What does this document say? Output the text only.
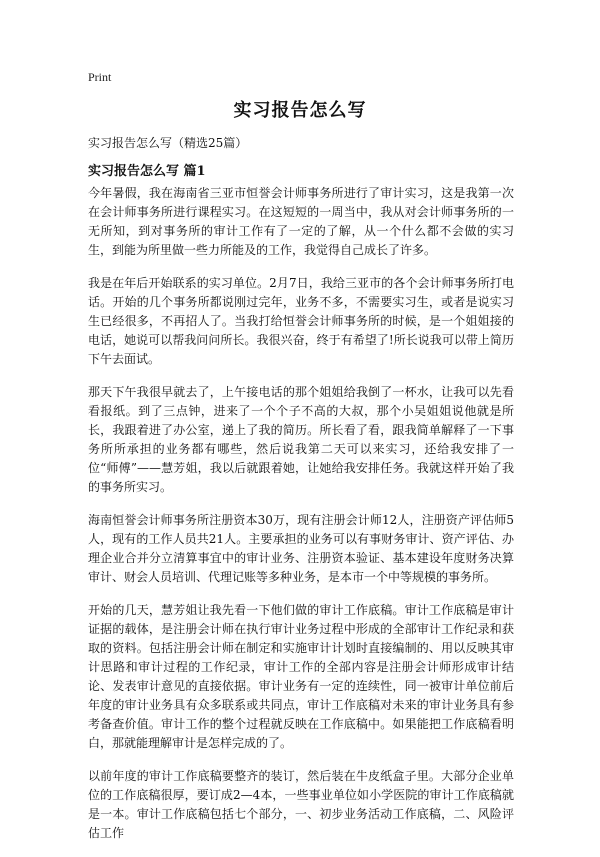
Print
实习报告怎么写

实习报告怎么写（精选25篇）

实习报告怎么写 篇1

今年暑假，我在海南省三亚市恒誉会计师事务所进行了审计实习，这是我第一次在会计师事务所进行课程实习。在这短短的一周当中，我从对会计师事务所的一无所知，到对事务所的审计工作有了一定的了解，从一个什么都不会做的实习生，到能为所里做一些力所能及的工作，我觉得自己成长了许多。

我是在年后开始联系的实习单位。2月7日，我给三亚市的各个会计师事务所打电话。开始的几个事务所都说刚过完年，业务不多，不需要实习生，或者是说实习生已经很多，不再招人了。当我打给恒誉会计师事务所的时候，是一个姐姐接的电话，她说可以帮我问问所长。我很兴奋，终于有希望了!所长说我可以带上简历下午去面试。

那天下午我很早就去了，上午接电话的那个姐姐给我倒了一杯水，让我可以先看看报纸。到了三点钟，进来了一个个子不高的大叔，那个小吴姐姐说他就是所长，我跟着进了办公室，递上了我的简历。所长看了看，跟我简单解释了一下事务所所承担的业务都有哪些，然后说我第二天可以来实习，还给我安排了一位“师傅”——慧芳姐，我以后就跟着她，让她给我安排任务。我就这样开始了我的事务所实习。

海南恒誉会计师事务所注册资本30万，现有注册会计师12人，注册资产评估师5人，现有的工作人员共21人。主要承担的业务可以有事财务审计、资产评估、办理企业合并分立清算事宜中的审计业务、注册资本验证、基本建设年度财务决算审计、财会人员培训、代理记账等多种业务，是本市一个中等规模的事务所。

开始的几天，慧芳姐让我先看一下他们做的审计工作底稿。审计工作底稿是审计证据的载体，是注册会计师在执行审计业务过程中形成的全部审计工作纪录和获取的资料。包括注册会计师在制定和实施审计计划时直接编制的、用以反映其审计思路和审计过程的工作纪录，审计工作的全部内容是注册会计师形成审计结论、发表审计意见的直接依据。审计业务有一定的连续性，同一被审计单位前后年度的审计业务具有众多联系或共同点，审计工作底稿对未来的审计业务具有参考备查价值。审计工作的整个过程就反映在工作底稿中。如果能把工作底稿看明白，那就能理解审计是怎样完成的了。

以前年度的审计工作底稿要整齐的装订，然后装在牛皮纸盒子里。大部分企业单位的工作底稿很厚，要订成2—4本，一些事业单位如小学医院的审计工作底稿就是一本。审计工作底稿包括七个部分，一、初步业务活动工作底稿，二、风险评估工作
